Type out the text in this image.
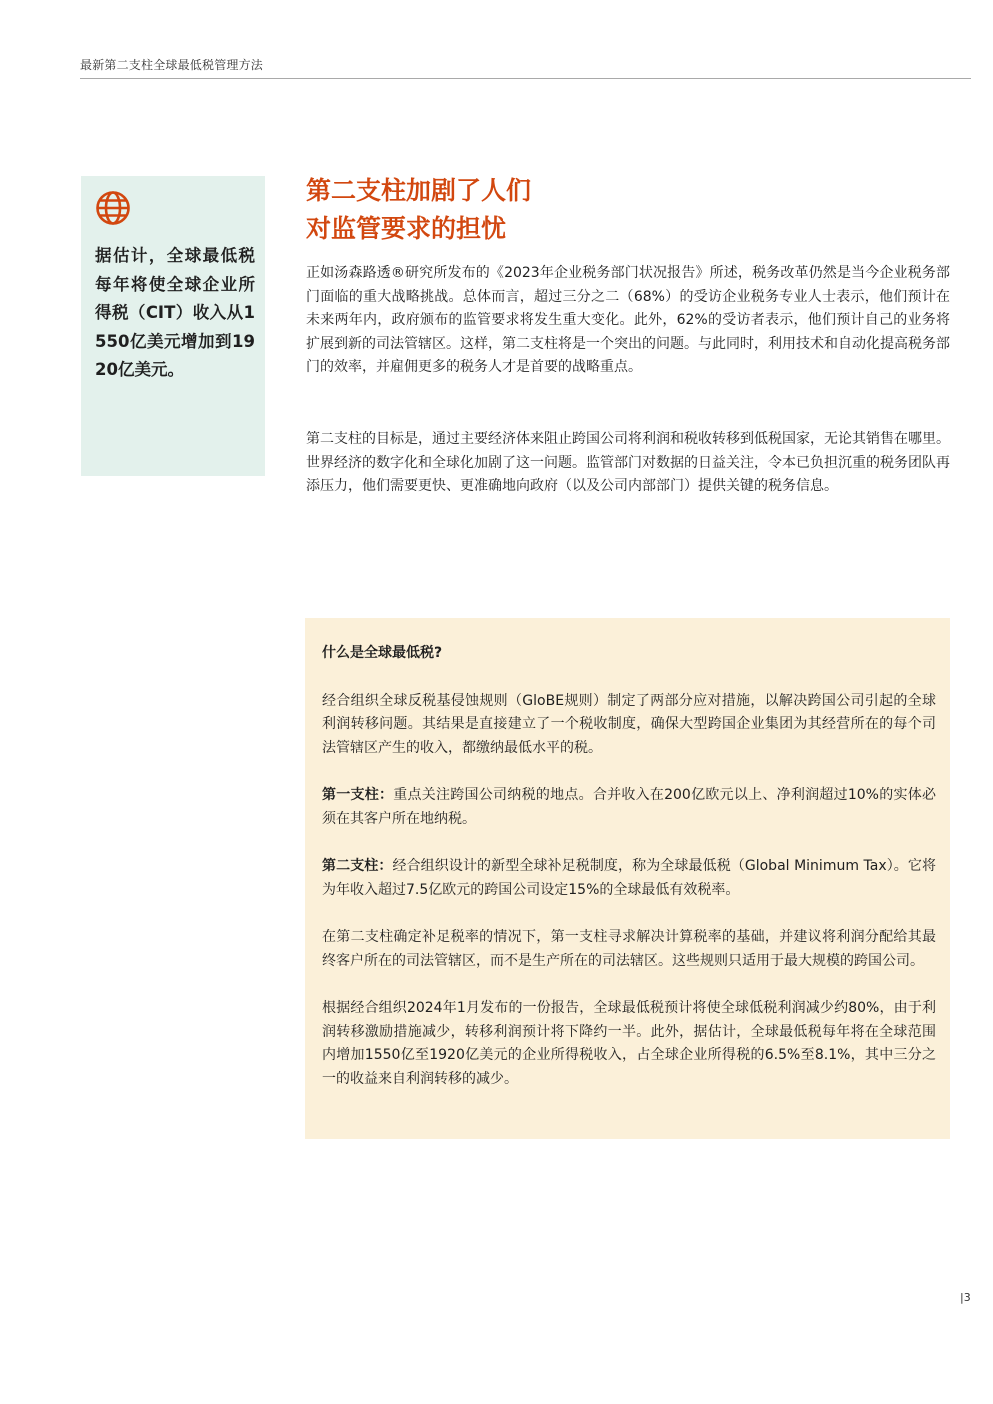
最新第二支柱全球最低税管理方法
据估计，全球最低税每年将使全球企业所得税（CIT）收入从1550亿美元增加到1920亿美元。
第二支柱加剧了人们
对监管要求的担忧

正如汤森路透®研究所发布的《2023年企业税务部门状况报告》所述，税务改革仍然是当今企业税务部门面临的重大战略挑战。总体而言，超过三分之二（68%）的受访企业税务专业人士表示，他们预计在未来两年内，政府颁布的监管要求将发生重大变化。此外，62%的受访者表示，他们预计自己的业务将扩展到新的司法管辖区。这样，第二支柱将是一个突出的问题。与此同时，利用技术和自动化提高税务部门的效率，并雇佣更多的税务人才是首要的战略重点。

第二支柱的目标是，通过主要经济体来阻止跨国公司将利润和税收转移到低税国家，无论其销售在哪里。世界经济的数字化和全球化加剧了这一问题。监管部门对数据的日益关注，令本已负担沉重的税务团队再添压力，他们需要更快、更准确地向政府（以及公司内部部门）提供关键的税务信息。

什么是全球最低税?

经合组织全球反税基侵蚀规则（GloBE规则）制定了两部分应对措施，以解决跨国公司引起的全球利润转移问题。其结果是直接建立了一个税收制度，确保大型跨国企业集团为其经营所在的每个司法管辖区产生的收入，都缴纳最低水平的税。

第一支柱：重点关注跨国公司纳税的地点。合并收入在200亿欧元以上、净利润超过10%的实体必须在其客户所在地纳税。

第二支柱：经合组织设计的新型全球补足税制度，称为全球最低税（Global Minimum Tax）。它将为年收入超过7.5亿欧元的跨国公司设定15%的全球最低有效税率。

在第二支柱确定补足税率的情况下，第一支柱寻求解决计算税率的基础，并建议将利润分配给其最终客户所在的司法管辖区，而不是生产所在的司法辖区。这些规则只适用于最大规模的跨国公司。

根据经合组织2024年1月发布的一份报告，全球最低税预计将使全球低税利润减少约80%，由于利润转移激励措施减少，转移利润预计将下降约一半。此外，据估计，全球最低税每年将在全球范围内增加1550亿至1920亿美元的企业所得税收入，占全球企业所得税的6.5%至8.1%，其中三分之一的收益来自利润转移的减少。

|3
